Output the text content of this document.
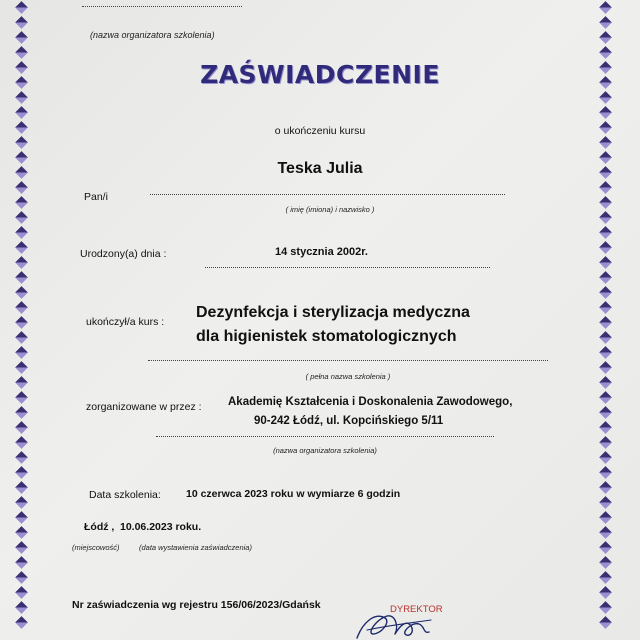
(nazwa organizatora szkolenia)
ZAŚWIADCZENIE
o ukończeniu kursu
Teska Julia
Pan/i
( imię (imiona) i nazwisko )
Urodzony(a) dnia :	14 stycznia 2002r.
ukończył/a kurs :
Dezynfekcja i sterylizacja medyczna
dla higienistek stomatologicznych
( pełna nazwa szkolenia )
zorganizowane w przez : Akademię Kształcenia i Doskonalenia Zawodowego,
90-242 Łódź, ul. Kopcińskiego 5/11
(nazwa organizatora szkolenia)
Data szkolenia: 10 czerwca 2023 roku w wymiarze 6 godzin
Łódź , 10.06.2023 roku.
(miejscowość)	(data wystawienia zaświadczenia)
Nr zaświadczenia wg rejestru 156/06/2023/Gdańsk	DYREKTOR
